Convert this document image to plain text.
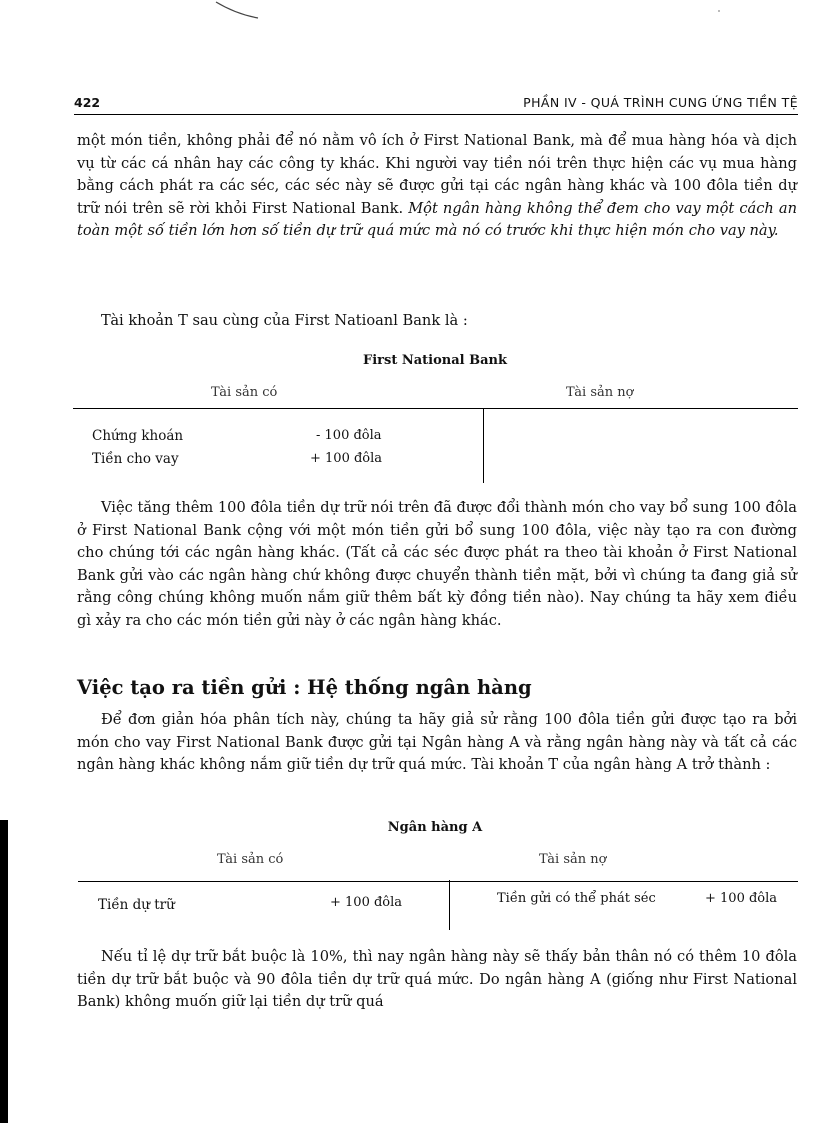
422	PHẦN IV - QUÁ TRÌNH CUNG ỨNG TIỀN TỆ

một món tiền, không phải để nó nằm vô ích ở First National Bank, mà để mua hàng hóa và dịch vụ từ các cá nhân hay các công ty khác. Khi người vay tiền nói trên thực hiện các vụ mua hàng bằng cách phát ra các séc, các séc này sẽ được gửi tại các ngân hàng khác và 100 đôla tiền dự trữ nói trên sẽ rời khỏi First National Bank. Một ngân hàng không thể đem cho vay một cách an toàn một số tiền lớn hơn số tiền dự trữ quá mức mà nó có trước khi thực hiện món cho vay này.

Tài khoản T sau cùng của First Natioanl Bank là :

First National Bank
Tài sản có	Tài sản nợ
Chứng khoán	- 100 đôla
Tiền cho vay	+ 100 đôla

Việc tăng thêm 100 đôla tiền dự trữ nói trên đã được đổi thành món cho vay bổ sung 100 đôla ở First National Bank cộng với một món tiền gửi bổ sung 100 đôla, việc này tạo ra con đường cho chúng tới các ngân hàng khác. (Tất cả các séc được phát ra theo tài khoản ở First National Bank gửi vào các ngân hàng chứ không được chuyển thành tiền mặt, bởi vì chúng ta đang giả sử rằng công chúng không muốn nắm giữ thêm bất kỳ đồng tiền nào). Nay chúng ta hãy xem điều gì xảy ra cho các món tiền gửi này ở các ngân hàng khác.

Việc tạo ra tiền gửi : Hệ thống ngân hàng

Để đơn giản hóa phân tích này, chúng ta hãy giả sử rằng 100 đôla tiền gửi được tạo ra bởi món cho vay First National Bank được gửi tại Ngân hàng A và rằng ngân hàng này và tất cả các ngân hàng khác không nắm giữ tiền dự trữ quá mức. Tài khoản T của ngân hàng A trở thành :

Ngân hàng A
Tài sản có	Tài sản nợ
Tiền dự trữ	+ 100 đôla	Tiền gửi có thể phát séc	+ 100 đôla

Nếu tỉ lệ dự trữ bắt buộc là 10%, thì nay ngân hàng này sẽ thấy bản thân nó có thêm 10 đôla tiền dự trữ bắt buộc và 90 đôla tiền dự trữ quá mức. Do ngân hàng A (giống như First National Bank) không muốn giữ lại tiền dự trữ quá
